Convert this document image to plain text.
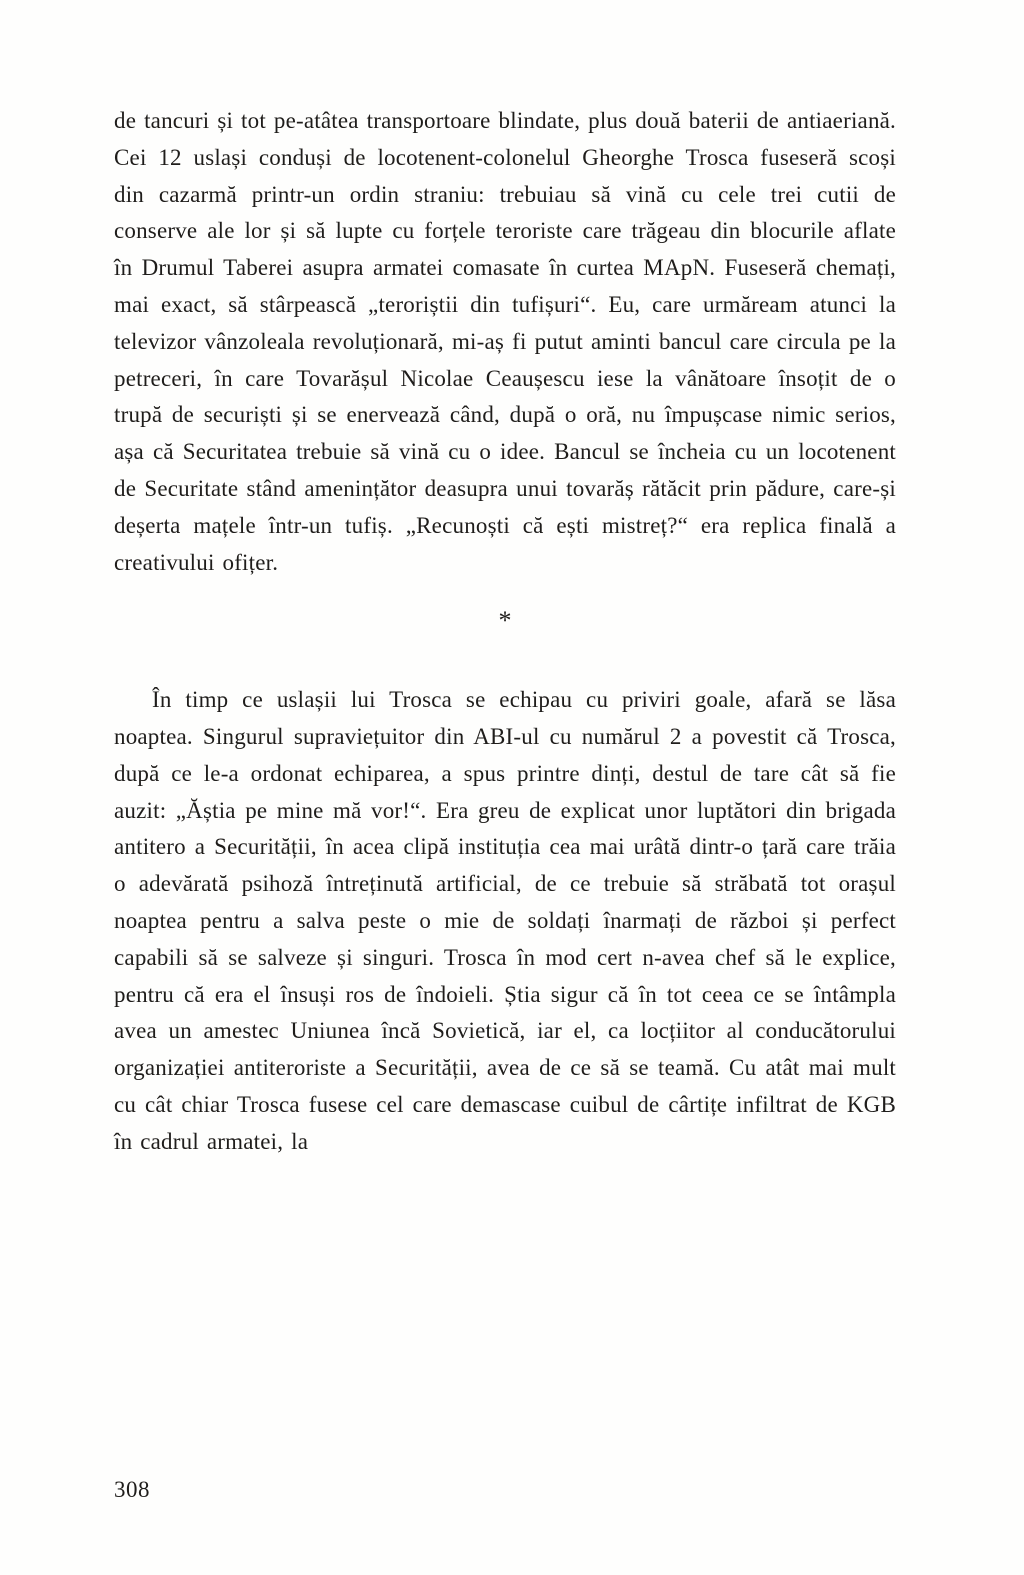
de tancuri și tot pe-atâtea transportoare blindate, plus două baterii de antiaeriană. Cei 12 uslași conduși de locotenent-colonelul Gheorghe Trosca fuseseră scoși din cazarmă printr-un ordin straniu: trebuiau să vină cu cele trei cutii de conserve ale lor și să lupte cu forțele teroriste care trăgeau din blocurile aflate în Drumul Taberei asupra armatei comasate în curtea MApN. Fuseseră chemați, mai exact, să stârpească „teroriștii din tufișuri“. Eu, care urmăream atunci la televizor vânzoleala revoluționară, mi-aș fi putut aminti bancul care circula pe la petreceri, în care Tovarășul Nicolae Ceaușescu iese la vânătoare însoțit de o trupă de securiști și se enervează când, după o oră, nu împușcase nimic serios, așa că Securitatea trebuie să vină cu o idee. Bancul se încheia cu un locotenent de Securitate stând amenințător deasupra unui tovarăș rătăcit prin pădure, care-și deșerta mațele într-un tufiș. „Recunoști că ești mistreț?“ era replica finală a creativului ofițer.

*

În timp ce uslașii lui Trosca se echipau cu priviri goale, afară se lăsa noaptea. Singurul supraviețuitor din ABI-ul cu numărul 2 a povestit că Trosca, după ce le-a ordonat echiparea, a spus printre dinți, destul de tare cât să fie auzit: „Ăștia pe mine mă vor!“. Era greu de explicat unor luptători din brigada antitero a Securității, în acea clipă instituția cea mai urâtă dintr-o țară care trăia o adevărată psihoză întreținută artificial, de ce trebuie să străbată tot orașul noaptea pentru a salva peste o mie de soldați înarmați de război și perfect capabili să se salveze și singuri. Trosca în mod cert n-avea chef să le explice, pentru că era el însuși ros de îndoieli. Știa sigur că în tot ceea ce se întâmpla avea un amestec Uniunea încă Sovietică, iar el, ca locțiitor al conducătorului organizației antiteroriste a Securității, avea de ce să se teamă. Cu atât mai mult cu cât chiar Trosca fusese cel care demascase cuibul de cârtițe infiltrat de KGB în cadrul armatei, la

308
